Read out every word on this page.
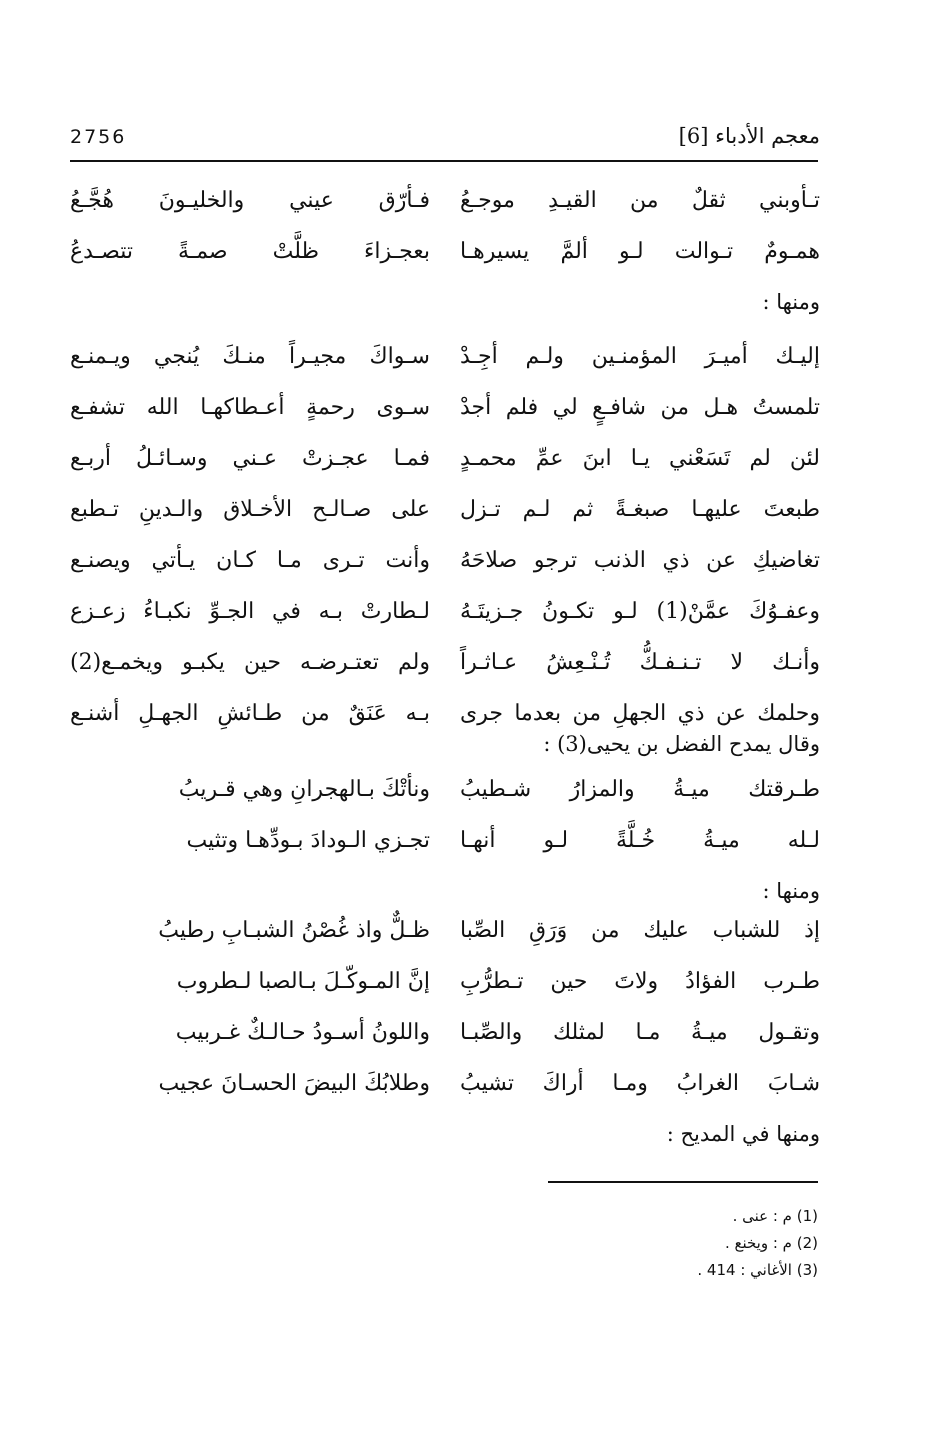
معجم الأدباء [6]
2756
تـأوبني ثقلٌ من القيـدِ موجـعُ
فـأرّق عيني والخليـونَ هُجَّـعُ
همـومٌ تـوالت لـو ألمَّ يسيرهـا
بعجـزاءَ ظلَّتْ صمـةً تتصـدعُ
ومنها :
إليـك أميـرَ المؤمنـين ولـم أجِـدْ
سـواكَ مجيـراً منـكَ يُنجي ويـمنـع
تلمستُ هـل من شافـعٍ لي فلم أجدْ
سـوى رحمةٍ أعـطاكهـا الله تشفـع
لئن لم تَسَعْني يـا ابنَ عمِّ محمـدٍ
فمـا عجـزتْ عـني وسـائـلُ أربـع
طبعتَ عليهـا صبغـةً ثم لـم تـزل
على صـالـح الأخـلاق والـدينِ تـطبع
تغاضيكِ عن ذي الذنب ترجو صلاحَهُ
وأنت تـرى مـا كـان يـأتي ويصنـع
وعفـوُكَ عمَّنْ(1) لـو تكـونُ جـزيتَـهُ
لـطارتْ بـه في الجـوِّ نكبـاءُ زعـزع
وأنـك لا تـنـفـكُّ تُـنْـعِشُ عـاثـراً
ولم تعتـرضـه حين يكبـو ويخمـع(2)
وحلمك عن ذي الجهلِ من بعدما جرى
بـه عَنَقٌ من طـائشِ الجهـلِ أشنـع
وقال يمدح الفضل بن يحيى(3) :
طـرقتك ميـةُ والمزارُ شـطيبُ
ونأتْكَ بـالهجرانِ وهي قـريبُ
لـله ميـةُ خُـلَّةً لـو أنهـا
تجـزي الـودادَ بـودِّهـا وتثيب
ومنها :
إذ للشباب عليك من وَرَقِ الصِّبا
ظـلٌّ واذ غُصْنُ الشبـابِ رطيبُ
طـرب الفؤادُ ولاتَ حين تـطرُّبِ
إنَّ المـوكّـلَ بـالصبا لـطروب
وتقـول ميـةُ مـا لمثلك والصِّبـا
واللونُ أسـودُ حـالـكٌ غـربيب
شـابَ الغرابُ ومـا أراكَ تشيبُ
وطلابُكَ البيضَ الحسـانَ عجيب
ومنها في المديح :
(1) م : عنى .
(2) م : ويخنع .
(3) الأغاني : 414 .
